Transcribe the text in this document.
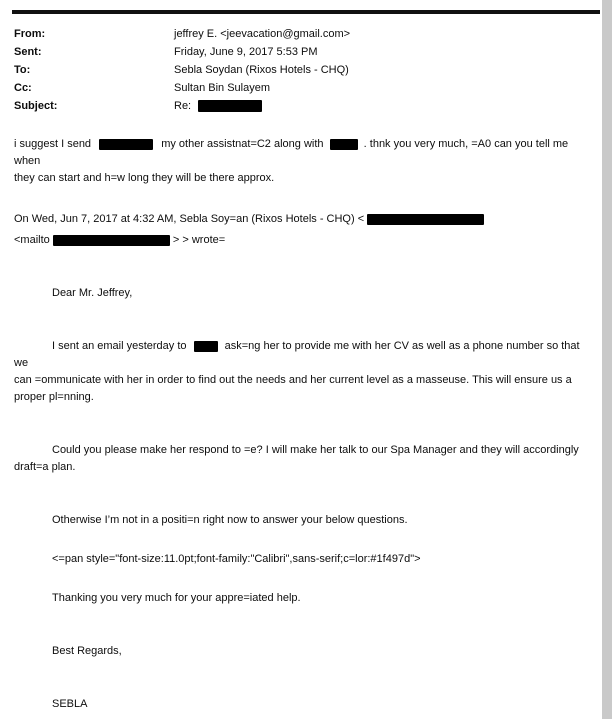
From:	jeffrey E. <jeevacation@gmail.com>
Sent:	Friday, June 9, 2017 5:53 PM
To:	Sebla Soydan (Rixos Hotels - CHQ)
Cc:	Sultan Bin Sulayem
Subject:	Re:
i suggest I send	my other assistnat=C2 along with	. thnk you very much, =A0 can you tell me when
they can start and h=w long they will be there approx.
On Wed, Jun 7, 2017 at 4:32 AM, Sebla Soy=an (Rixos Hotels - CHQ) <
<mailto	> > wrote=
Dear Mr. Jeffrey,
I sent an email yesterday to	ask=ng her to provide me with her CV as well as a phone number so that we
can =ommunicate with her in order to find out the needs and her current level as a masseuse. This will ensure us a
proper pl=nning.
Could you please make her respond to =e? I will make her talk to our Spa Manager and they will accordingly
draft=a plan.
Otherwise I’m not in a positi=n right now to answer your below questions.
<=pan style="font-size:11.0pt;font-family:"Calibri",sans-serif;c=lor:#1f497d">
Thanking you very much for your appre=iated help.
Best Regards,
SEBLA
